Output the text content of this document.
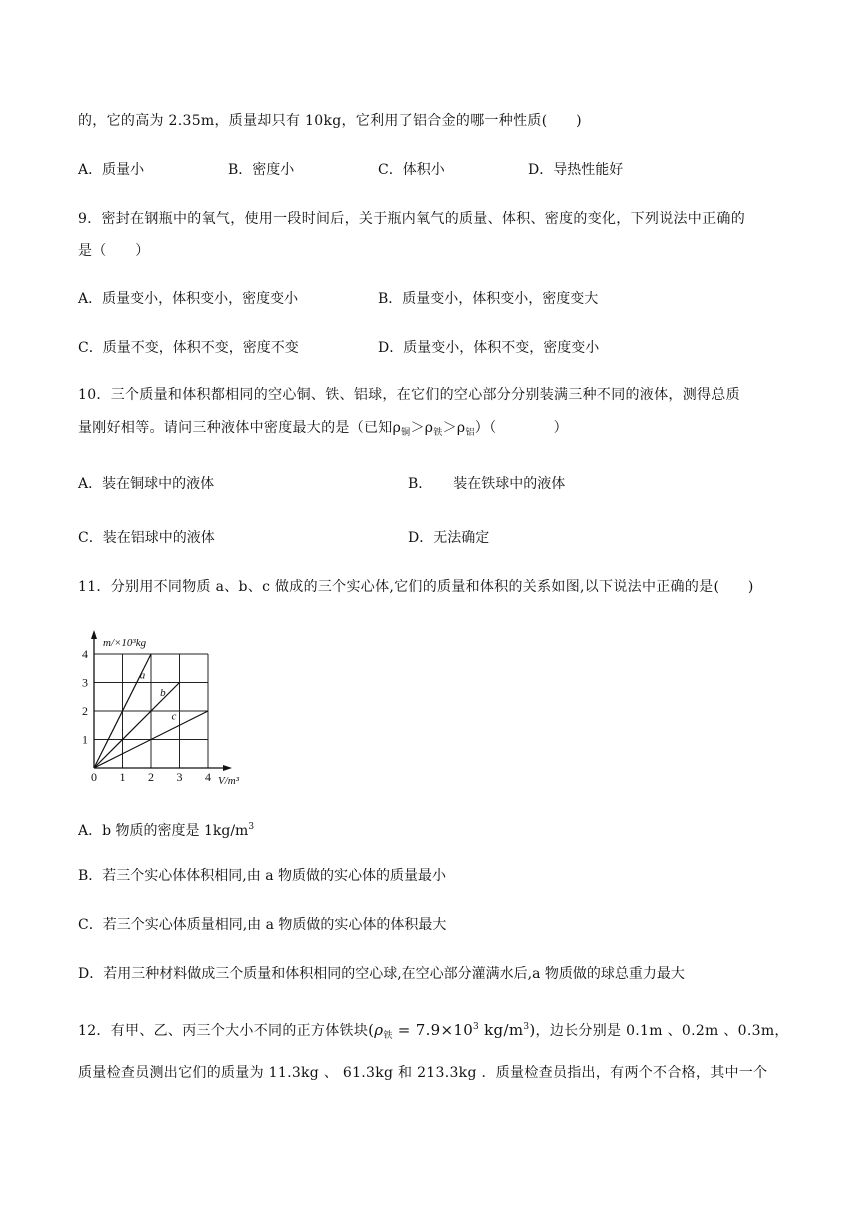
的，它的高为 2.35m，质量却只有 10kg，它利用了铝合金的哪一种性质(　　)
A．质量小	B．密度小	C．体积小	D．导热性能好
9．密封在钢瓶中的氧气，使用一段时间后，关于瓶内氧气的质量、体积、密度的变化，下列说法中正确的
是（　　）
A．质量变小，体积变小，密度变小	B．质量变小，体积变小，密度变大
C．质量不变，体积不变，密度不变	D．质量变小，体积不变，密度变小
10．三个质量和体积都相同的空心铜、铁、铝球，在它们的空心部分分别装满三种不同的液体，测得总质
量刚好相等。请问三种液体中密度最大的是（已知$\rho_铜>\rho_铁>\rho_铝$）（　　　　）
A．装在铜球中的液体	B．　　装在铁球中的液体
C．装在铝球中的液体	D．无法确定
11．分别用不同物质 a、b、c 做成的三个实心体,它们的质量和体积的关系如图,以下说法中正确的是(　　)
0 1 2 3 4
1
2
3
4
m/×10³kg
V/m³
a
b
c
A．b 物质的密度是 $1kg/m^3$
B．若三个实心体体积相同,由 a 物质做的实心体的质量最小
C．若三个实心体质量相同,由 a 物质做的实心体的体积最大
D．若用三种材料做成三个质量和体积相同的空心球,在空心部分灌满水后,a 物质做的球总重力最大
12．有甲、乙、丙三个大小不同的正方体铁块($\rho_铁 = 7.9\times 10^3$ $kg/m^3$)，边长分别是 0.1m 、0.2m 、0.3m，
质量检查员测出它们的质量为 11.3kg 、 61.3kg 和 213.3kg ．质量检查员指出，有两个不合格，其中一个
